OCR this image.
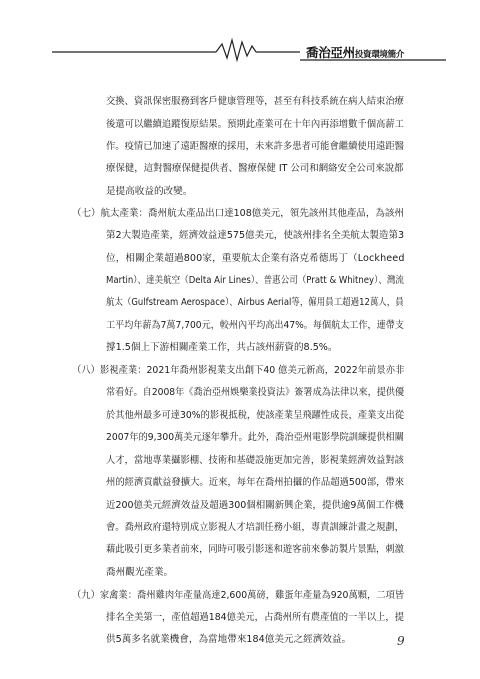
喬治亞州投資環境簡介
交換、資訊保密服務到客戶健康管理等，甚至有科技系統在病人結束治療
後還可以繼續追蹤復原結果。預期此產業可在十年內再添增數千個高薪工
作。疫情已加速了遠距醫療的採用，未來許多患者可能會繼續使用遠距醫
療保健，這對醫療保健提供者、醫療保健 IT 公司和網絡安全公司來說都
是提高收益的改變。
（七）航太產業：喬州航太產品出口達108億美元，領先該州其他產品，為該州
第2大製造產業，經濟效益達575億美元，使該州排名全美航太製造第3
位，相關企業超過800家，重要航太企業有洛克希德馬丁（Lockheed
Martin）、達美航空（Delta Air Lines）、普惠公司（Pratt & Whitney）、灣流
航太（Gulfstream Aerospace）、Airbus Aerial等，僱用員工超過12萬人，員
工平均年薪為7萬7,700元，較州內平均高出47%。每個航太工作，連帶支
撐1.5個上下游相關產業工作，共占該州薪資的8.5%。
（八）影視產業：2021年喬州影視業支出創下40 億美元新高，2022年前景亦非
常看好。自2008年《喬治亞州娛樂業投資法》簽署成為法律以來，提供優
於其他州最多可達30%的影視抵稅，使該產業呈飛躍性成長，產業支出從
2007年的9,300萬美元逐年攀升。此外，喬治亞州電影學院訓練提供相關
人才，當地專業攝影棚、技術和基礎設施更加完善，影視業經濟效益對該
州的經濟貢獻益發擴大。近來，每年在喬州拍攝的作品超過500部，帶來
近200億美元經濟效益及超過300個相關新興企業，提供逾9萬個工作機
會。喬州政府還特別成立影視人才培訓任務小組，專責訓練計畫之規劃，
藉此吸引更多業者前來，同時可吸引影迷和遊客前來參訪製片景點，刺激
喬州觀光產業。
（九）家禽業：喬州雞肉年產量高達2,600萬磅，雞蛋年產量為920萬顆，二項皆
排名全美第一，產值超過184億美元，占喬州所有農產值的一半以上，提
供5萬多名就業機會，為當地帶來184億美元之經濟效益。	9
